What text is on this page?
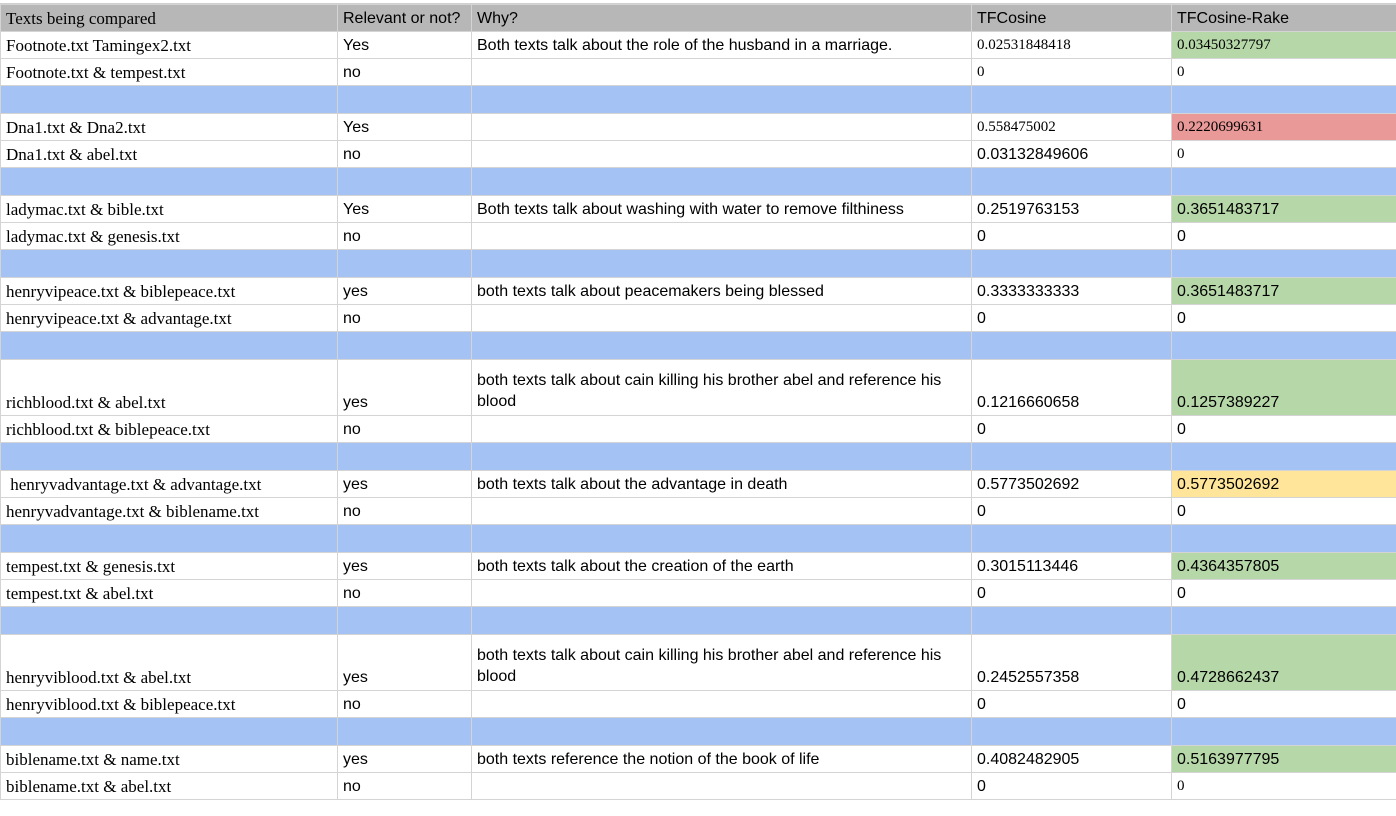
Texts being compared	Relevant or not?	Why?	TFCosine	TFCosine-Rake
Footnote.txt Tamingex2.txt	Yes	Both texts talk about the role of the husband in a marriage.	0.02531848418	0.03450327797
Footnote.txt & tempest.txt	no		0	0

Dna1.txt & Dna2.txt	Yes		0.558475002	0.2220699631
Dna1.txt & abel.txt	no		0.03132849606	0

ladymac.txt & bible.txt	Yes	Both texts talk about washing with water to remove filthiness	0.2519763153	0.3651483717
ladymac.txt & genesis.txt	no		0	0

henryvipeace.txt & biblepeace.txt	yes	both texts talk about peacemakers being blessed	0.3333333333	0.3651483717
henryvipeace.txt & advantage.txt	no		0	0

richblood.txt & abel.txt	yes	both texts talk about cain killing his brother abel and reference his blood	0.1216660658	0.1257389227
richblood.txt & biblepeace.txt	no		0	0

henryvadvantage.txt & advantage.txt	yes	both texts talk about the advantage in death	0.5773502692	0.5773502692
henryvadvantage.txt & biblename.txt	no		0	0

tempest.txt & genesis.txt	yes	both texts talk about the creation of the earth	0.3015113446	0.4364357805
tempest.txt & abel.txt	no		0	0

henryviblood.txt & abel.txt	yes	both texts talk about cain killing his brother abel and reference his blood	0.2452557358	0.4728662437
henryviblood.txt & biblepeace.txt	no		0	0

biblename.txt & name.txt	yes	both texts reference the notion of the book of life	0.4082482905	0.5163977795
biblename.txt & abel.txt	no		0	0
